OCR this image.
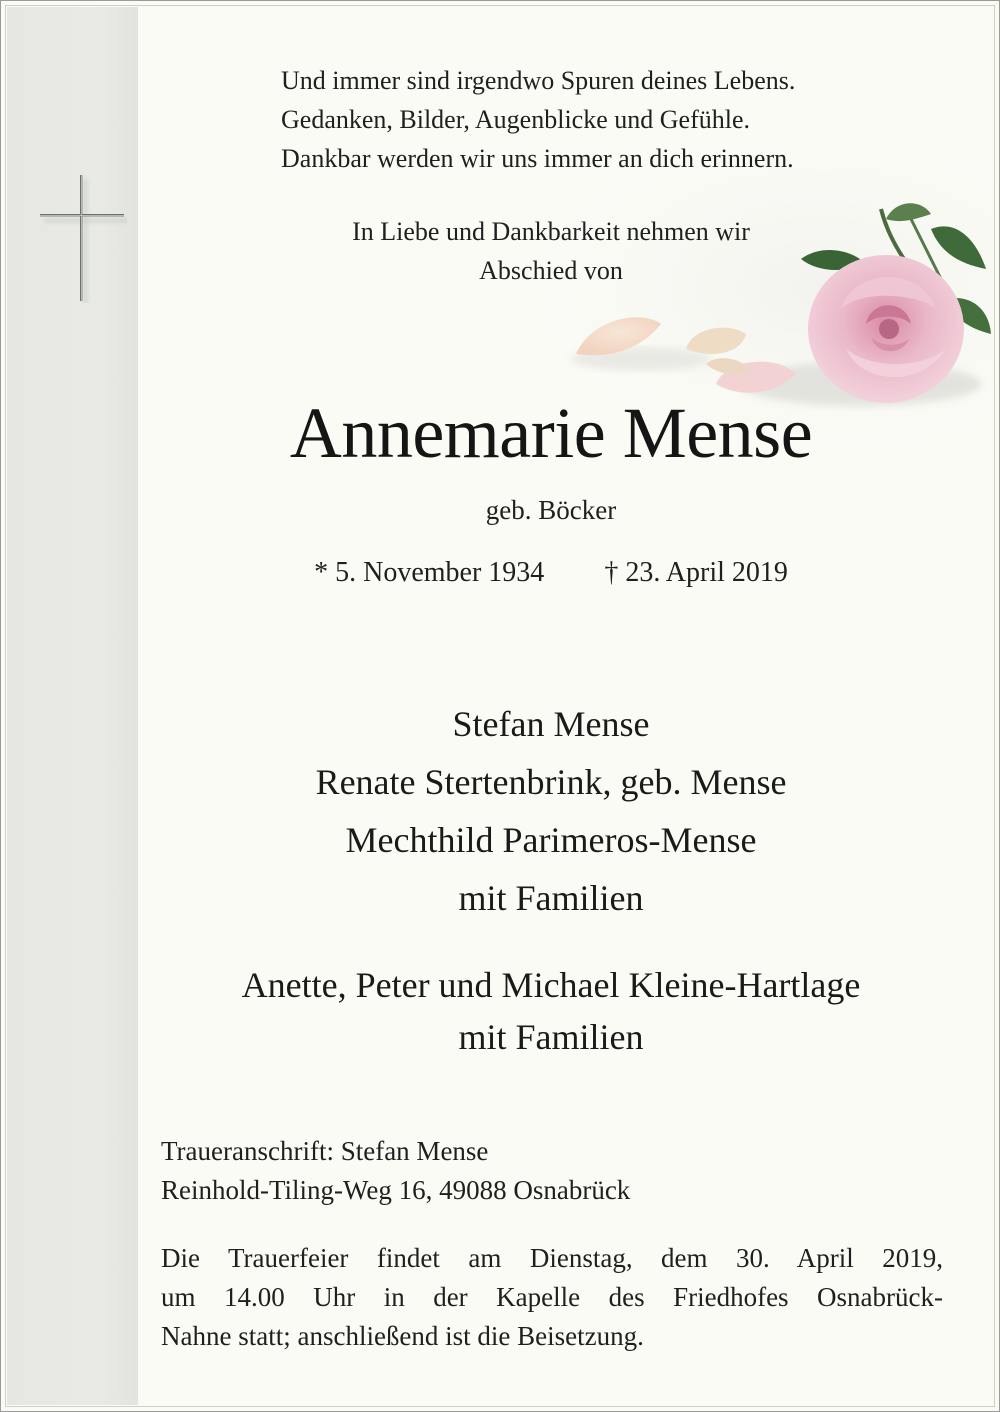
Und immer sind irgendwo Spuren deines Lebens.
Gedanken, Bilder, Augenblicke und Gefühle.
Dankbar werden wir uns immer an dich erinnern.
In Liebe und Dankbarkeit nehmen wir
Abschied von
Annemarie Mense
geb. Böcker
* 5. November 1934 † 23. April 2019
Stefan Mense
Renate Stertenbrink, geb. Mense
Mechthild Parimeros-Mense
mit Familien
Anette, Peter und Michael Kleine-Hartlage
mit Familien
Traueranschrift: Stefan Mense
Reinhold-Tiling-Weg 16, 49088 Osnabrück
Die Trauerfeier findet am Dienstag, dem 30. April 2019,
um 14.00 Uhr in der Kapelle des Friedhofes Osnabrück-
Nahne statt; anschließend ist die Beisetzung.
